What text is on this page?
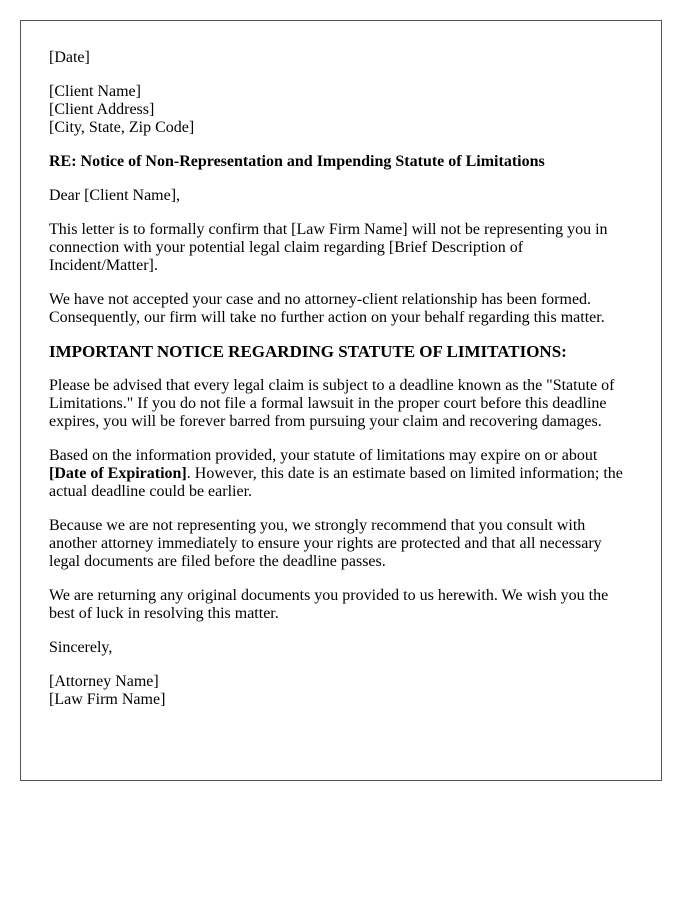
[Date]

[Client Name]
[Client Address]
[City, State, Zip Code]

RE: Notice of Non-Representation and Impending Statute of Limitations

Dear [Client Name],

This letter is to formally confirm that [Law Firm Name] will not be representing you in connection with your potential legal claim regarding [Brief Description of Incident/Matter].

We have not accepted your case and no attorney-client relationship has been formed. Consequently, our firm will take no further action on your behalf regarding this matter.

IMPORTANT NOTICE REGARDING STATUTE OF LIMITATIONS:

Please be advised that every legal claim is subject to a deadline known as the "Statute of Limitations." If you do not file a formal lawsuit in the proper court before this deadline expires, you will be forever barred from pursuing your claim and recovering damages.

Based on the information provided, your statute of limitations may expire on or about [Date of Expiration]. However, this date is an estimate based on limited information; the actual deadline could be earlier.

Because we are not representing you, we strongly recommend that you consult with another attorney immediately to ensure your rights are protected and that all necessary legal documents are filed before the deadline passes.

We are returning any original documents you provided to us herewith. We wish you the best of luck in resolving this matter.

Sincerely,

[Attorney Name]
[Law Firm Name]
